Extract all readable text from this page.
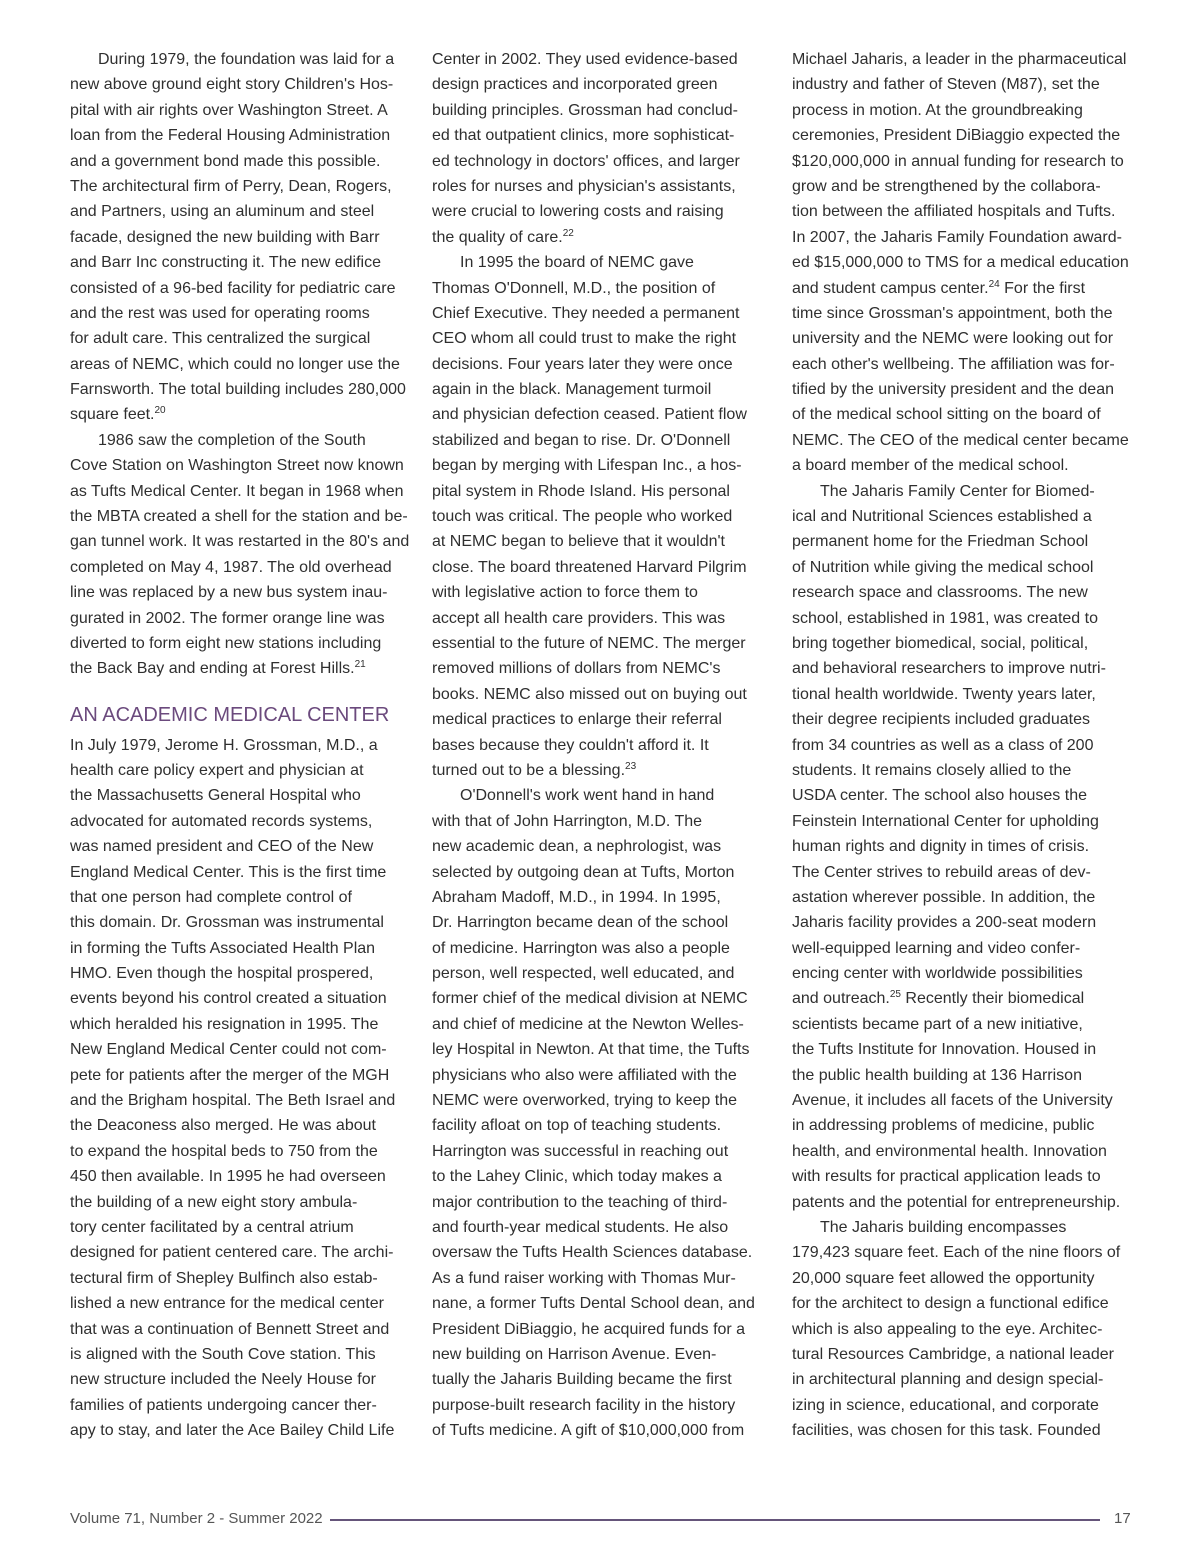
During 1979, the foundation was laid for a
new above ground eight story Children's Hos-
pital with air rights over Washington Street. A
loan from the Federal Housing Administration
and a government bond made this possible.
The architectural firm of Perry, Dean, Rogers,
and Partners, using an aluminum and steel
facade, designed the new building with Barr
and Barr Inc constructing it. The new edifice
consisted of a 96-bed facility for pediatric care
and the rest was used for operating rooms
for adult care. This centralized the surgical
areas of NEMC, which could no longer use the
Farnsworth. The total building includes 280,000
square feet.$^{20}$
1986 saw the completion of the South
Cove Station on Washington Street now known
as Tufts Medical Center. It began in 1968 when
the MBTA created a shell for the station and be-
gan tunnel work. It was restarted in the 80's and
completed on May 4, 1987. The old overhead
line was replaced by a new bus system inau-
gurated in 2002. The former orange line was
diverted to form eight new stations including
the Back Bay and ending at Forest Hills.$^{21}$
AN ACADEMIC MEDICAL CENTER
In July 1979, Jerome H. Grossman, M.D., a
health care policy expert and physician at
the Massachusetts General Hospital who
advocated for automated records systems,
was named president and CEO of the New
England Medical Center. This is the first time
that one person had complete control of
this domain. Dr. Grossman was instrumental
in forming the Tufts Associated Health Plan
HMO. Even though the hospital prospered,
events beyond his control created a situation
which heralded his resignation in 1995. The
New England Medical Center could not com-
pete for patients after the merger of the MGH
and the Brigham hospital. The Beth Israel and
the Deaconess also merged. He was about
to expand the hospital beds to 750 from the
450 then available. In 1995 he had overseen
the building of a new eight story ambula-
tory center facilitated by a central atrium
designed for patient centered care. The archi-
tectural firm of Shepley Bulfinch also estab-
lished a new entrance for the medical center
that was a continuation of Bennett Street and
is aligned with the South Cove station. This
new structure included the Neely House for
families of patients undergoing cancer ther-
apy to stay, and later the Ace Bailey Child Life
Center in 2002. They used evidence-based
design practices and incorporated green
building principles. Grossman had conclud-
ed that outpatient clinics, more sophisticat-
ed technology in doctors' offices, and larger
roles for nurses and physician's assistants,
were crucial to lowering costs and raising
the quality of care.$^{22}$
In 1995 the board of NEMC gave
Thomas O'Donnell, M.D., the position of
Chief Executive. They needed a permanent
CEO whom all could trust to make the right
decisions. Four years later they were once
again in the black. Management turmoil
and physician defection ceased. Patient flow
stabilized and began to rise. Dr. O'Donnell
began by merging with Lifespan Inc., a hos-
pital system in Rhode Island. His personal
touch was critical. The people who worked
at NEMC began to believe that it wouldn't
close. The board threatened Harvard Pilgrim
with legislative action to force them to
accept all health care providers. This was
essential to the future of NEMC. The merger
removed millions of dollars from NEMC's
books. NEMC also missed out on buying out
medical practices to enlarge their referral
bases because they couldn't afford it. It
turned out to be a blessing.$^{23}$
O'Donnell's work went hand in hand
with that of John Harrington, M.D. The
new academic dean, a nephrologist, was
selected by outgoing dean at Tufts, Morton
Abraham Madoff, M.D., in 1994. In 1995,
Dr. Harrington became dean of the school
of medicine. Harrington was also a people
person, well respected, well educated, and
former chief of the medical division at NEMC
and chief of medicine at the Newton Welles-
ley Hospital in Newton. At that time, the Tufts
physicians who also were affiliated with the
NEMC were overworked, trying to keep the
facility afloat on top of teaching students.
Harrington was successful in reaching out
to the Lahey Clinic, which today makes a
major contribution to the teaching of third-
and fourth-year medical students. He also
oversaw the Tufts Health Sciences database.
As a fund raiser working with Thomas Mur-
nane, a former Tufts Dental School dean, and
President DiBiaggio, he acquired funds for a
new building on Harrison Avenue. Even-
tually the Jaharis Building became the first
purpose-built research facility in the history
of Tufts medicine. A gift of $10,000,000 from
Michael Jaharis, a leader in the pharmaceutical
industry and father of Steven (M87), set the
process in motion. At the groundbreaking
ceremonies, President DiBiaggio expected the
$120,000,000 in annual funding for research to
grow and be strengthened by the collabora-
tion between the affiliated hospitals and Tufts.
In 2007, the Jaharis Family Foundation award-
ed $15,000,000 to TMS for a medical education
and student campus center.$^{24}$ For the first
time since Grossman's appointment, both the
university and the NEMC were looking out for
each other's wellbeing. The affiliation was for-
tified by the university president and the dean
of the medical school sitting on the board of
NEMC. The CEO of the medical center became
a board member of the medical school.
The Jaharis Family Center for Biomed-
ical and Nutritional Sciences established a
permanent home for the Friedman School
of Nutrition while giving the medical school
research space and classrooms. The new
school, established in 1981, was created to
bring together biomedical, social, political,
and behavioral researchers to improve nutri-
tional health worldwide. Twenty years later,
their degree recipients included graduates
from 34 countries as well as a class of 200
students. It remains closely allied to the
USDA center. The school also houses the
Feinstein International Center for upholding
human rights and dignity in times of crisis.
The Center strives to rebuild areas of dev-
astation wherever possible. In addition, the
Jaharis facility provides a 200-seat modern
well-equipped learning and video confer-
encing center with worldwide possibilities
and outreach.$^{25}$ Recently their biomedical
scientists became part of a new initiative,
the Tufts Institute for Innovation. Housed in
the public health building at 136 Harrison
Avenue, it includes all facets of the University
in addressing problems of medicine, public
health, and environmental health. Innovation
with results for practical application leads to
patents and the potential for entrepreneurship.
The Jaharis building encompasses
179,423 square feet. Each of the nine floors of
20,000 square feet allowed the opportunity
for the architect to design a functional edifice
which is also appealing to the eye. Architec-
tural Resources Cambridge, a national leader
in architectural planning and design special-
izing in science, educational, and corporate
facilities, was chosen for this task. Founded
Volume 71, Number 2 - Summer 2022	17
